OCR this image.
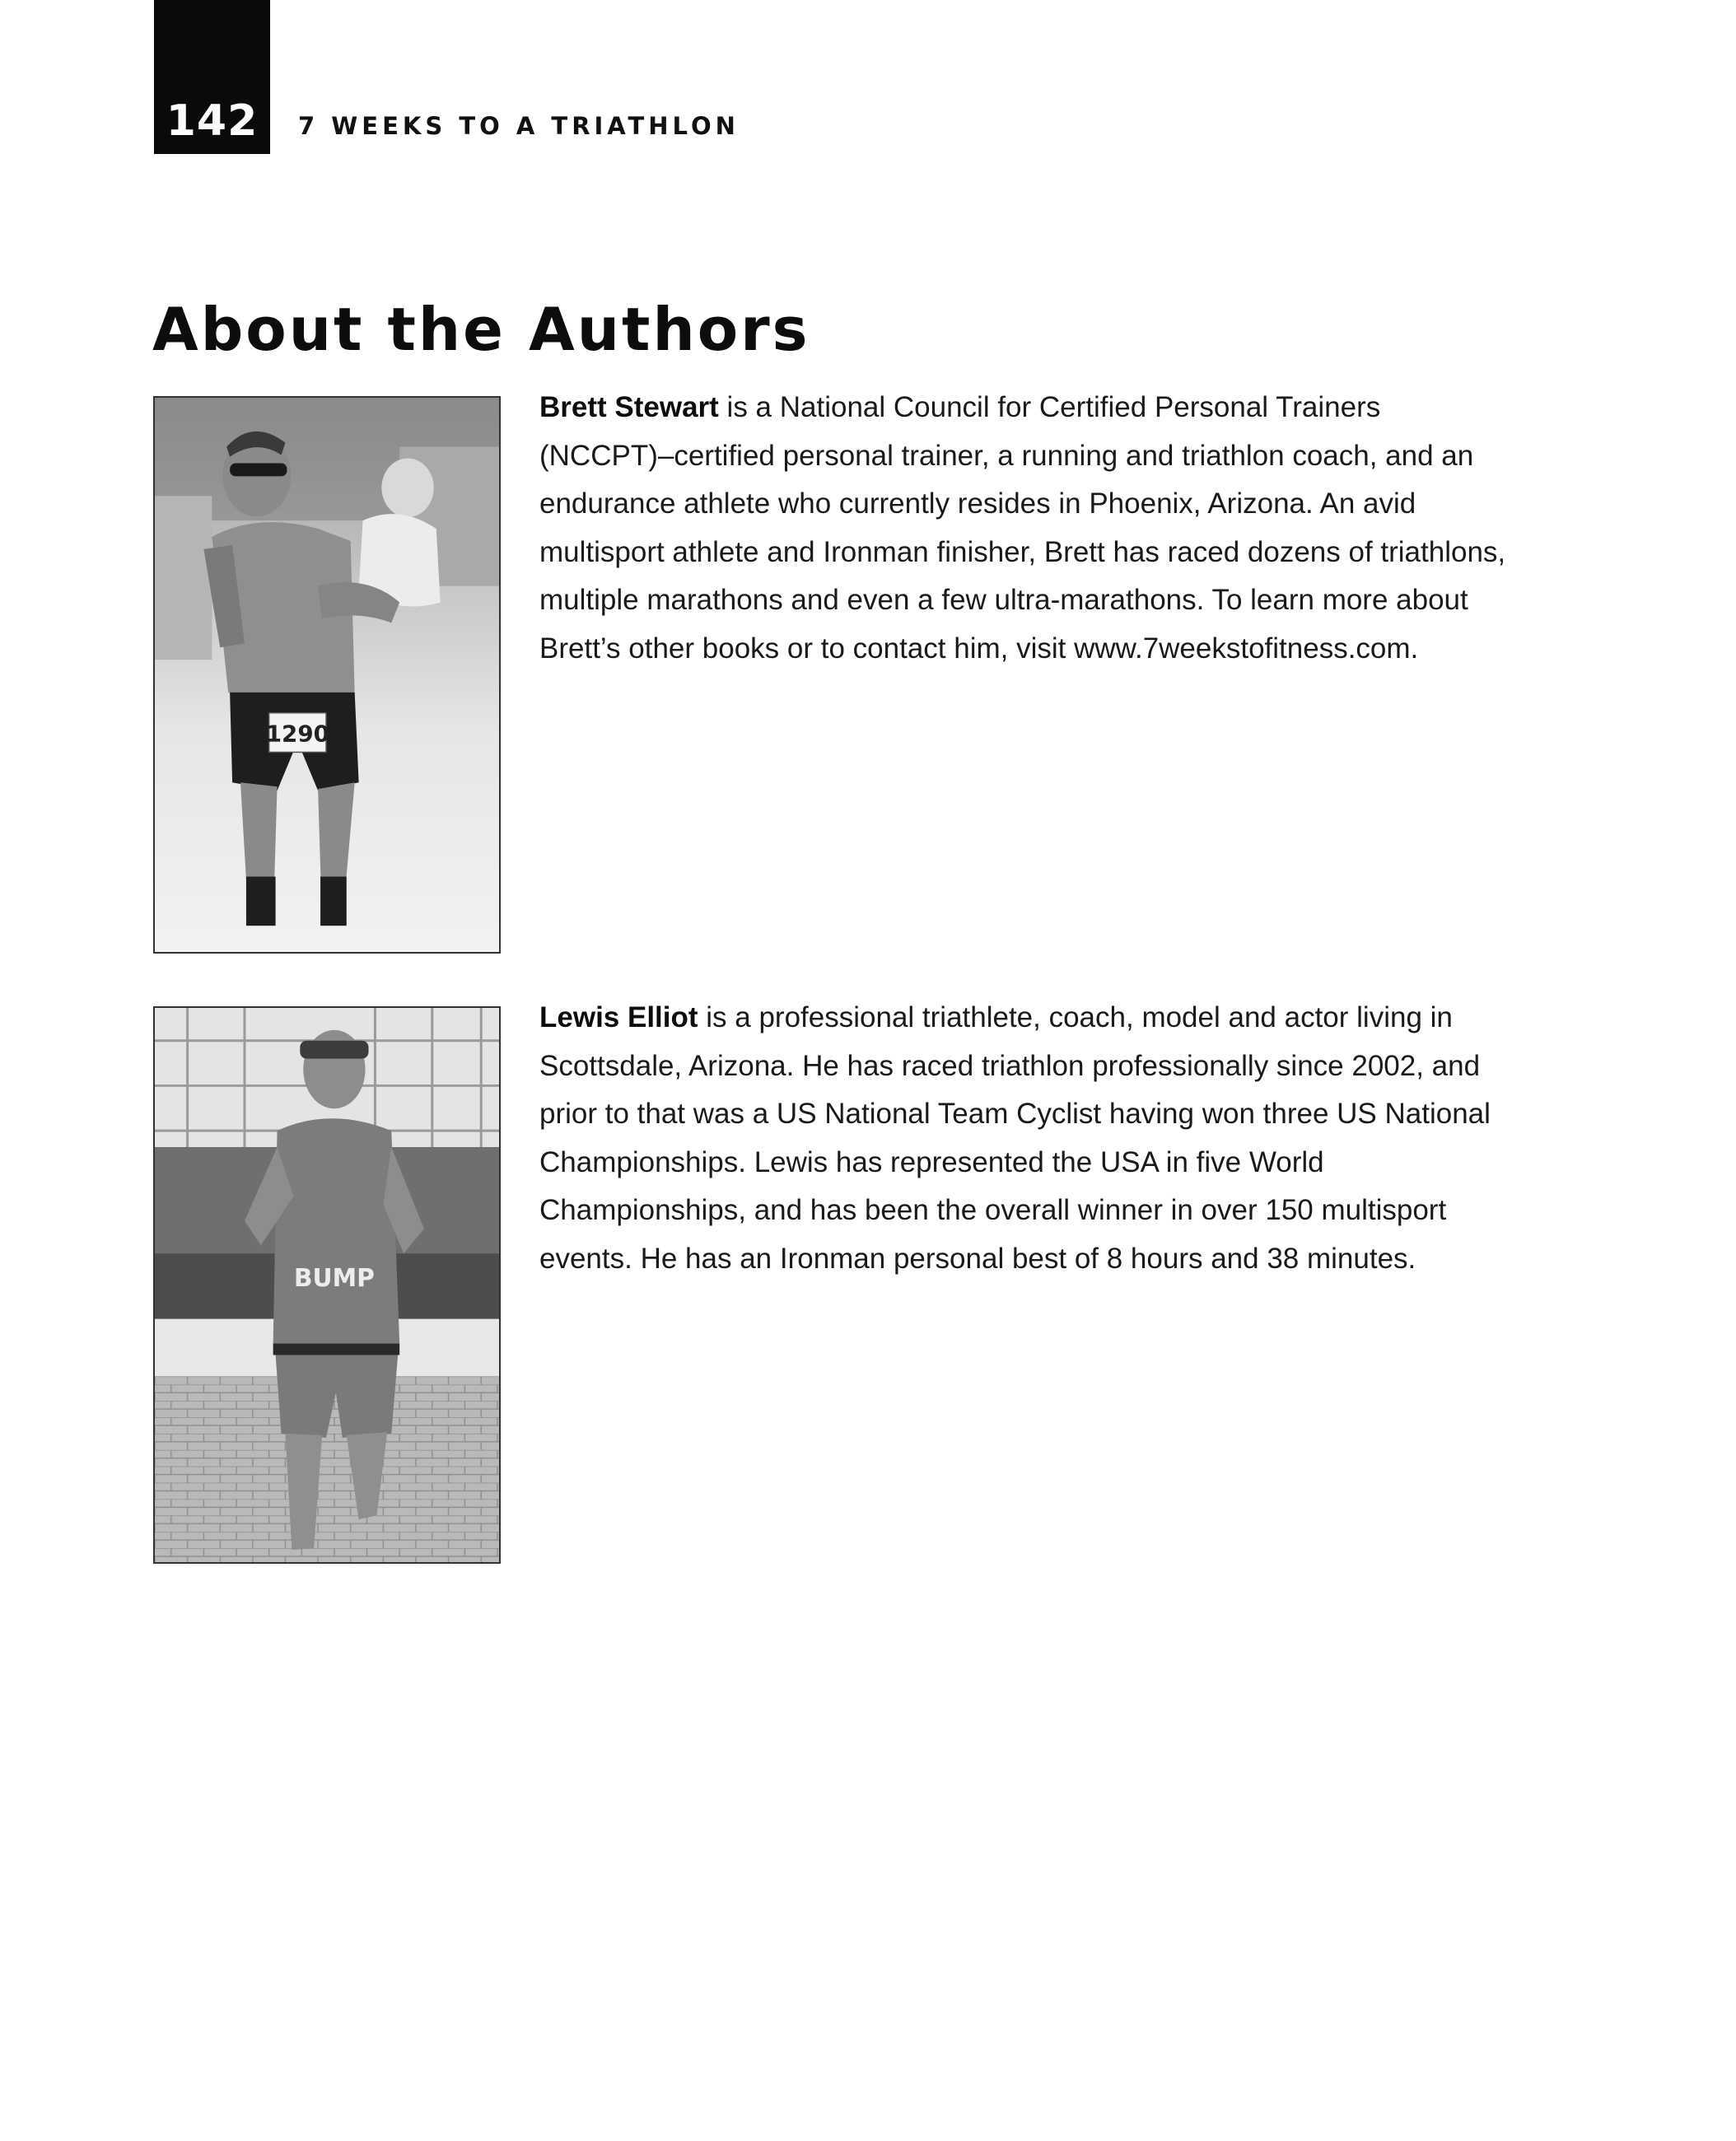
142	7 WEEKS TO A TRIATHLON
About the Authors
1290

Brett Stewart is a National Council for Certified Personal Trainers (NCCPT)–certified personal trainer, a running and triathlon coach, and an endurance athlete who currently resides in Phoenix, Arizona. An avid multisport athlete and Ironman finisher, Brett has raced dozens of triathlons, multiple marathons and even a few ultra-marathons. To learn more about Brett’s other books or to contact him, visit www.7weekstofitness.com.

BUMP

Lewis Elliot is a professional triathlete, coach, model and actor living in Scottsdale, Arizona. He has raced triathlon professionally since 2002, and prior to that was a US National Team Cyclist having won three US National Championships. Lewis has represented the USA in five World Championships, and has been the overall winner in over 150 multisport events. He has an Ironman personal best of 8 hours and 38 minutes.
